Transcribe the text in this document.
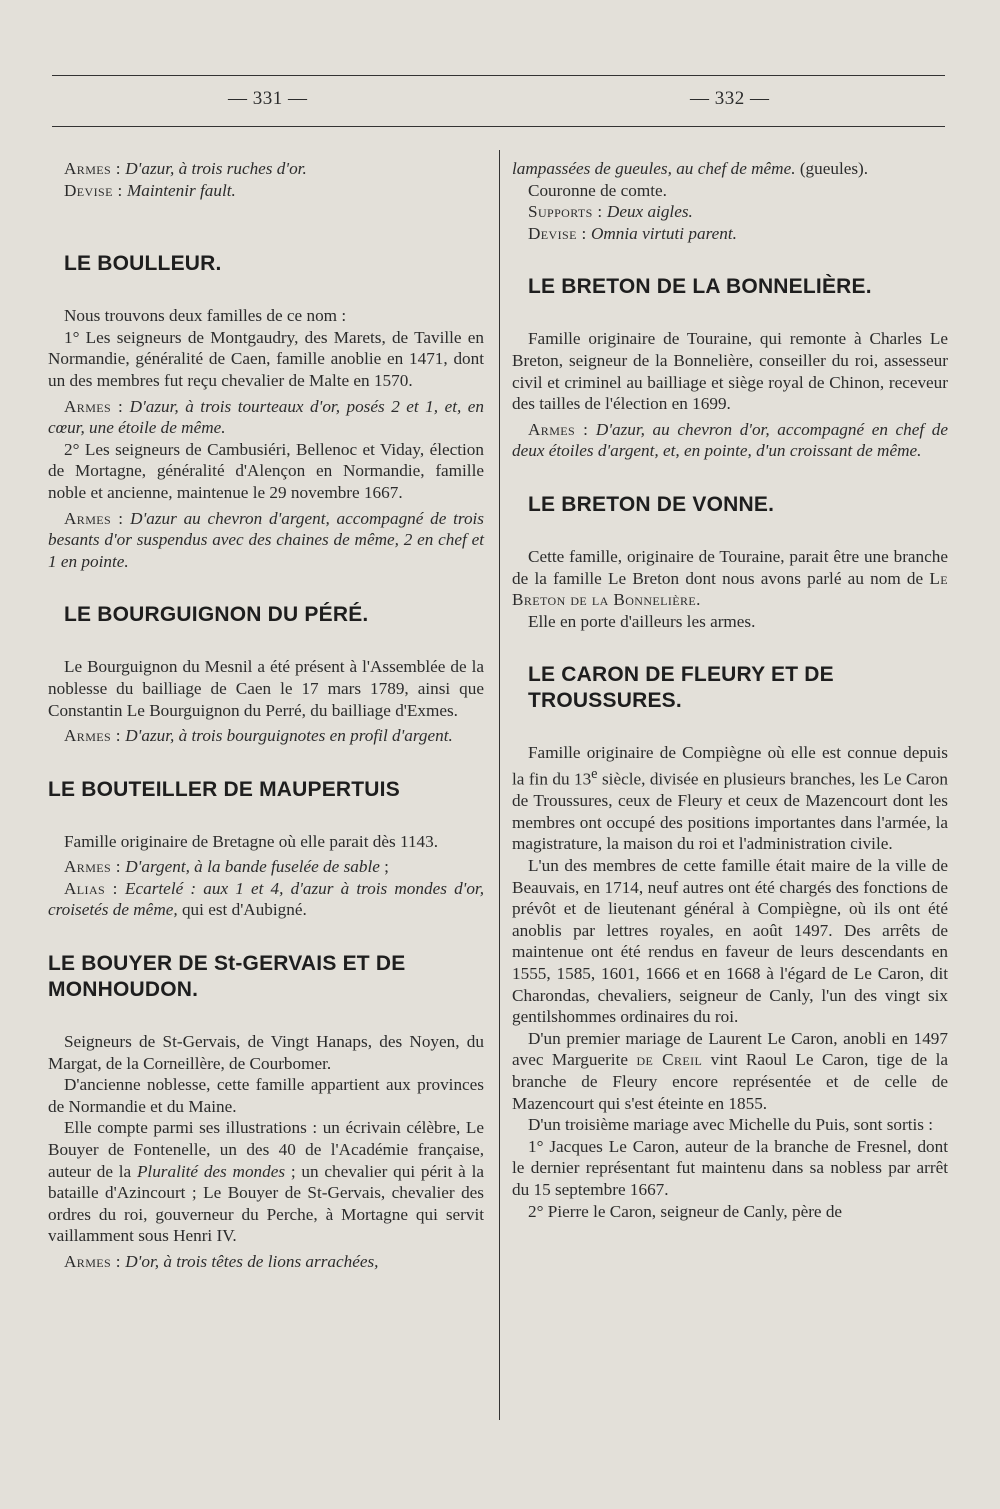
— 331 —	— 332 —

Armes : D'azur, à trois ruches d'or.

Devise : Maintenir fault.

LE BOULLEUR.

Nous trouvons deux familles de ce nom :

1° Les seigneurs de Montgaudry, des Marets, de Taville en Normandie, généralité de Caen, famille anoblie en 1471, dont un des membres fut reçu chevalier de Malte en 1570.

Armes : D'azur, à trois tourteaux d'or, posés 2 et 1, et, en cœur, une étoile de même.

2° Les seigneurs de Cambusiéri, Bellenoc et Viday, élection de Mortagne, généralité d'Alençon en Normandie, famille noble et ancienne, maintenue le 29 novembre 1667.

Armes : D'azur au chevron d'argent, accompagné de trois besants d'or suspendus avec des chaines de même, 2 en chef et 1 en pointe.

LE BOURGUIGNON DU PÉRÉ.

Le Bourguignon du Mesnil a été présent à l'Assemblée de la noblesse du bailliage de Caen le 17 mars 1789, ainsi que Constantin Le Bourguignon du Perré, du bailliage d'Exmes.

Armes : D'azur, à trois bourguignotes en profil d'argent.

LE BOUTEILLER DE MAUPERTUIS

Famille originaire de Bretagne où elle parait dès 1143.

Armes : D'argent, à la bande fuselée de sable ;

Alias : Ecartelé : aux 1 et 4, d'azur à trois mondes d'or, croisetés de même, qui est d'Aubigné.

LE BOUYER DE St-GERVAIS ET DE MONHOUDON.

Seigneurs de St-Gervais, de Vingt Hanaps, des Noyen, du Margat, de la Corneillère, de Courbomer.

D'ancienne noblesse, cette famille appartient aux provinces de Normandie et du Maine.

Elle compte parmi ses illustrations : un écrivain célèbre, Le Bouyer de Fontenelle, un des 40 de l'Académie française, auteur de la Pluralité des mondes ; un chevalier qui périt à la bataille d'Azincourt ; Le Bouyer de St-Gervais, chevalier des ordres du roi, gouverneur du Perche, à Mortagne qui servit vaillamment sous Henri IV.

Armes : D'or, à trois têtes de lions arrachées,

lampassées de gueules, au chef de même. (gueules).

Couronne de comte.

Supports : Deux aigles.

Devise : Omnia virtuti parent.

LE BRETON DE LA BONNELIÈRE.

Famille originaire de Touraine, qui remonte à Charles Le Breton, seigneur de la Bonnelière, conseiller du roi, assesseur civil et criminel au bailliage et siège royal de Chinon, receveur des tailles de l'élection en 1699.

Armes : D'azur, au chevron d'or, accompagné en chef de deux étoiles d'argent, et, en pointe, d'un croissant de même.

LE BRETON DE VONNE.

Cette famille, originaire de Touraine, parait être une branche de la famille Le Breton dont nous avons parlé au nom de Le Breton de la Bonnelière.

Elle en porte d'ailleurs les armes.

LE CARON DE FLEURY ET DE TROUSSURES.

Famille originaire de Compiègne où elle est connue depuis la fin du 13e siècle, divisée en plusieurs branches, les Le Caron de Troussures, ceux de Fleury et ceux de Mazencourt dont les membres ont occupé des positions importantes dans l'armée, la magistrature, la maison du roi et l'administration civile.

L'un des membres de cette famille était maire de la ville de Beauvais, en 1714, neuf autres ont été chargés des fonctions de prévôt et de lieutenant général à Compiègne, où ils ont été anoblis par lettres royales, en août 1497. Des arrêts de maintenue ont été rendus en faveur de leurs descendants en 1555, 1585, 1601, 1666 et en 1668 à l'égard de Le Caron, dit Charondas, chevaliers, seigneur de Canly, l'un des vingt six gentilshommes ordinaires du roi.

D'un premier mariage de Laurent Le Caron, anobli en 1497 avec Marguerite de Creil vint Raoul Le Caron, tige de la branche de Fleury encore représentée et de celle de Mazencourt qui s'est éteinte en 1855.

D'un troisième mariage avec Michelle du Puis, sont sortis :

1° Jacques Le Caron, auteur de la branche de Fresnel, dont le dernier représentant fut maintenu dans sa nobless par arrêt du 15 septembre 1667.

2° Pierre le Caron, seigneur de Canly, père de
